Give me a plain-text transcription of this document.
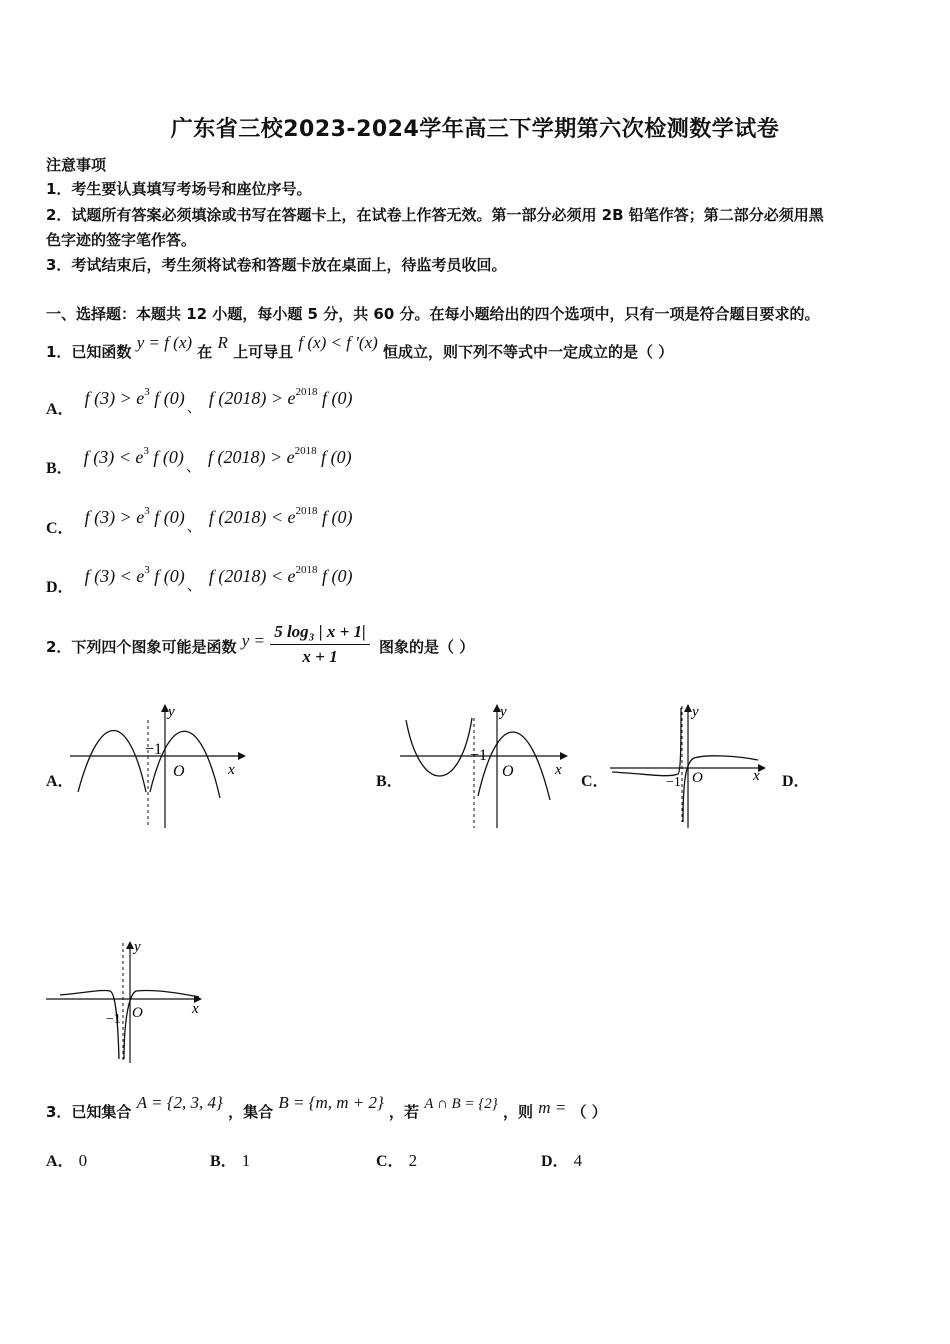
广东省三校2023-2024学年高三下学期第六次检测数学试卷
注意事项
1．考生要认真填写考场号和座位序号。
2．试题所有答案必须填涂或书写在答题卡上，在试卷上作答无效。第一部分必须用 2B 铅笔作答；第二部分必须用黑
色字迹的签字笔作答。
3．考试结束后，考生须将试卷和答题卡放在桌面上，待监考员收回。
一、选择题：本题共 12 小题，每小题 5 分，共 60 分。在每小题给出的四个选项中，只有一项是符合题目要求的。
1．已知函数 y = f (x) 在 R 上可导且 f (x) < f ′(x) 恒成立，则下列不等式中一定成立的是（ ）
A． f $(3) > e^3$ f (0) 、 f $(2018) > e^{2018}$ f (0)
B． f $(3) < e^3$ f (0) 、 f $(2018) > e^{2018}$ f (0)
C． f $(3) > e^3$ f (0) 、 f $(2018) < e^{2018}$ f (0)
D． f $(3) < e^3$ f (0) 、 f $(2018) < e^{2018}$ f (0)
2．下列四个图象可能是函数 $y = \frac{\text{5 log₃ | x + 1|}}{x + 1}$ 图象的是（ ）
A．	B．	C．	D．
y
x
O
−1
y
x
O
−1
y
x
O
−1
y
x
O
−1
3．已知集合 A = {2, 3, 4} ，集合 B = {m, m + 2} ，若 A ∩ B = {2} ，则 m = （ ）
A． 0	B． 1	C． 2	D． 4
